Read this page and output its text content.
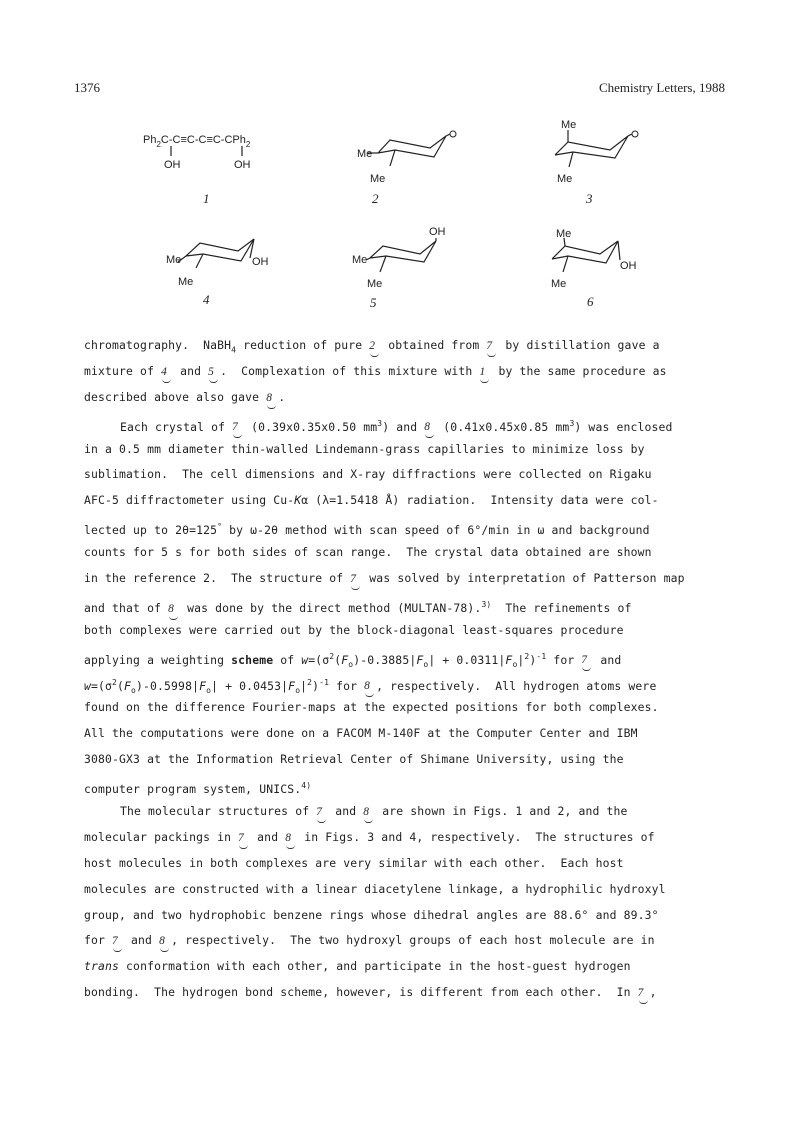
1376	Chemistry Letters, 1988
$Ph_2C-C\equiv C-C\equiv C-CPh_2$
OH	OH
1
Me
Me
2
Me
Me
3
Me
Me
OH
4
OH
Me
Me
5
Me
OH
Me
6
chromatography.  NaBH$_4$ reduction of pure 2 obtained from 7 by distillation gave a
mixture of 4 and 5 .  Complexation of this mixture with 1 by the same procedure as
described above also gave 8 .
Each crystal of 7 (0.39x0.35x0.50 $mm^3$) and 8 (0.41x0.45x0.85 $mm^3$) was enclosed
in a 0.5 mm diameter thin-walled Lindemann-grass capillaries to minimize loss by
sublimation.  The cell dimensions and X-ray diffractions were collected on Rigaku
AFC-5 diffractometer using Cu-Kα (λ=1.5418 Å) radiation.  Intensity data were col-
lected up to 2θ=125° by ω-2θ method with scan speed of 6°/min in ω and background
counts for 5 s for both sides of scan range.  The crystal data obtained are shown
in the reference 2.  The structure of 7 was solved by interpretation of Patterson map
and that of 8 was done by the direct method (MULTAN-78).$^{3)}$  The refinements of
both complexes were carried out by the block-diagonal least-squares procedure
applying a weighting scheme of $w=(\sigma^2(F_o)-0.3885|F_o| + 0.0311|F_o|^2)^{-1}$ for 7 and
$w=(\sigma^2(F_o)-0.5998|F_o| + 0.0453|F_o|^2)^{-1}$ for 8 , respectively.  All hydrogen atoms were
found on the difference Fourier-maps at the expected positions for both complexes.
All the computations were done on a FACOM M-140F at the Computer Center and IBM
3080-GX3 at the Information Retrieval Center of Shimane University, using the
computer program system, UNICS.$^{4)}$
The molecular structures of 7 and 8 are shown in Figs. 1 and 2, and the
molecular packings in 7 and 8 in Figs. 3 and 4, respectively.  The structures of
host molecules in both complexes are very similar with each other.  Each host
molecules are constructed with a linear diacetylene linkage, a hydrophilic hydroxyl
group, and two hydrophobic benzene rings whose dihedral angles are 88.6° and 89.3°
for 7 and 8 , respectively.  The two hydroxyl groups of each host molecule are in
trans conformation with each other, and participate in the host-guest hydrogen
bonding.  The hydrogen bond scheme, however, is different from each other.  In 7 ,
